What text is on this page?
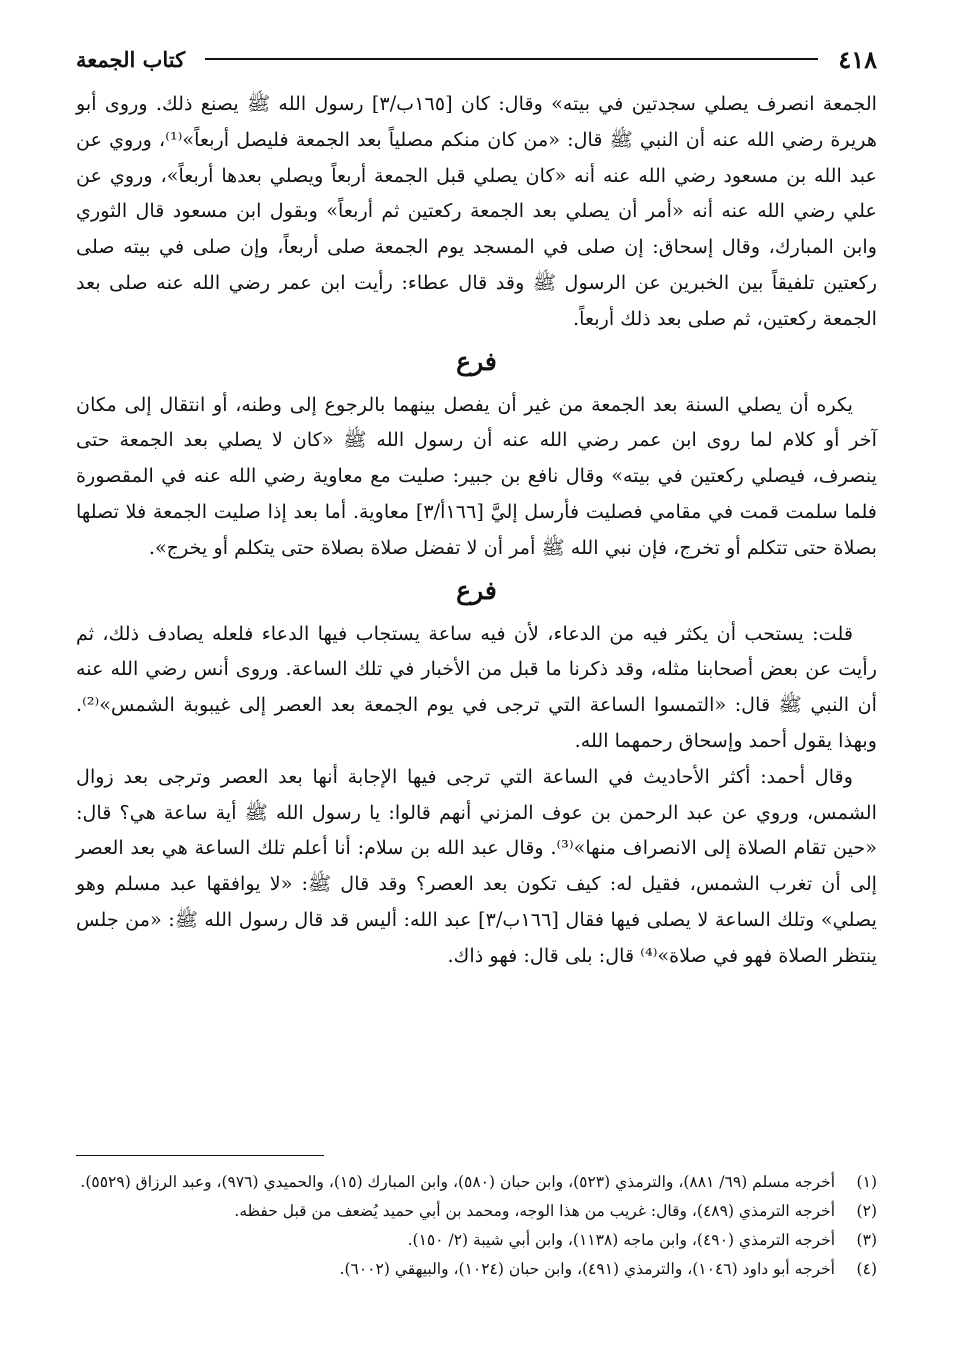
٤١٨
كتاب الجمعة

الجمعة انصرف يصلي سجدتين في بيته» وقال: كان [١٦٥ب/٣] رسول الله ﷺ يصنع ذلك. وروى أبو هريرة رضي الله عنه أن النبي ﷺ قال: «من كان منكم مصلياً بعد الجمعة فليصل أربعاً»⁽¹⁾، وروي عن عبد الله بن مسعود رضي الله عنه أنه «كان يصلي قبل الجمعة أربعاً ويصلي بعدها أربعاً»، وروي عن علي رضي الله عنه أنه «أمر أن يصلي بعد الجمعة ركعتين ثم أربعاً» وبقول ابن مسعود قال الثوري وابن المبارك، وقال إسحاق: إن صلى في المسجد يوم الجمعة صلى أربعاً، وإن صلى في بيته صلى ركعتين تلفيقاً بين الخبرين عن الرسول ﷺ وقد قال عطاء: رأيت ابن عمر رضي الله عنه صلى بعد الجمعة ركعتين، ثم صلى بعد ذلك أربعاً.

فرع

يكره أن يصلي السنة بعد الجمعة من غير أن يفصل بينهما بالرجوع إلى وطنه، أو انتقال إلى مكان آخر أو كلام لما روى ابن عمر رضي الله عنه أن رسول الله ﷺ «كان لا يصلي بعد الجمعة حتى ينصرف، فيصلي ركعتين في بيته» وقال نافع بن جبير: صليت مع معاوية رضي الله عنه في المقصورة فلما سلمت قمت في مقامي فصليت فأرسل إليَّ [١٦٦أ/٣] معاوية. أما بعد إذا صليت الجمعة فلا تصلها بصلاة حتى تتكلم أو تخرج، فإن نبي الله ﷺ أمر أن لا تفضل صلاة بصلاة حتى يتكلم أو يخرج».

فرع

قلت: يستحب أن يكثر فيه من الدعاء، لأن فيه ساعة يستجاب فيها الدعاء فلعله يصادف ذلك، ثم رأيت عن بعض أصحابنا مثله، وقد ذكرنا ما قبل من الأخبار في تلك الساعة. وروى أنس رضي الله عنه أن النبي ﷺ قال: «التمسوا الساعة التي ترجى في يوم الجمعة بعد العصر إلى غيبوبة الشمس»⁽²⁾. وبهذا يقول أحمد وإسحاق رحمهما الله.

وقال أحمد: أكثر الأحاديث في الساعة التي ترجى فيها الإجابة أنها بعد العصر وترجى بعد زوال الشمس، وروي عن عبد الرحمن بن عوف المزني أنهم قالوا: يا رسول الله ﷺ أية ساعة هي؟ قال: «حين تقام الصلاة إلى الانصراف منها»⁽³⁾. وقال عبد الله بن سلام: أنا أعلم تلك الساعة هي بعد العصر إلى أن تغرب الشمس، فقيل له: كيف تكون بعد العصر؟ وقد قال ﷺ: «لا يوافقها عبد مسلم وهو يصلي» وتلك الساعة لا يصلى فيها فقال [١٦٦ب/٣] عبد الله: أليس قد قال رسول الله ﷺ: «من جلس ينتظر الصلاة فهو في صلاة»⁽⁴⁾ قال: بلى قال: فهو ذاك.

(١)
أخرجه مسلم (٦٩/ ٨٨١)، والترمذي (٥٢٣)، وابن حبان (٥٨٠)، وابن المبارك (١٥)، والحميدي (٩٧٦)، وعبد الرزاق (٥٥٢٩).
(٢)
أخرجه الترمذي (٤٨٩)، وقال: غريب من هذا الوجه، ومحمد بن أبي حميد يُضعف من قبل حفظه.
(٣)
أخرجه الترمذي (٤٩٠)، وابن ماجه (١١٣٨)، وابن أبي شيبة (٢/ ١٥٠).
(٤)
أخرجه أبو داود (١٠٤٦)، والترمذي (٤٩١)، وابن حبان (١٠٢٤)، والبيهقي (٦٠٠٢).
